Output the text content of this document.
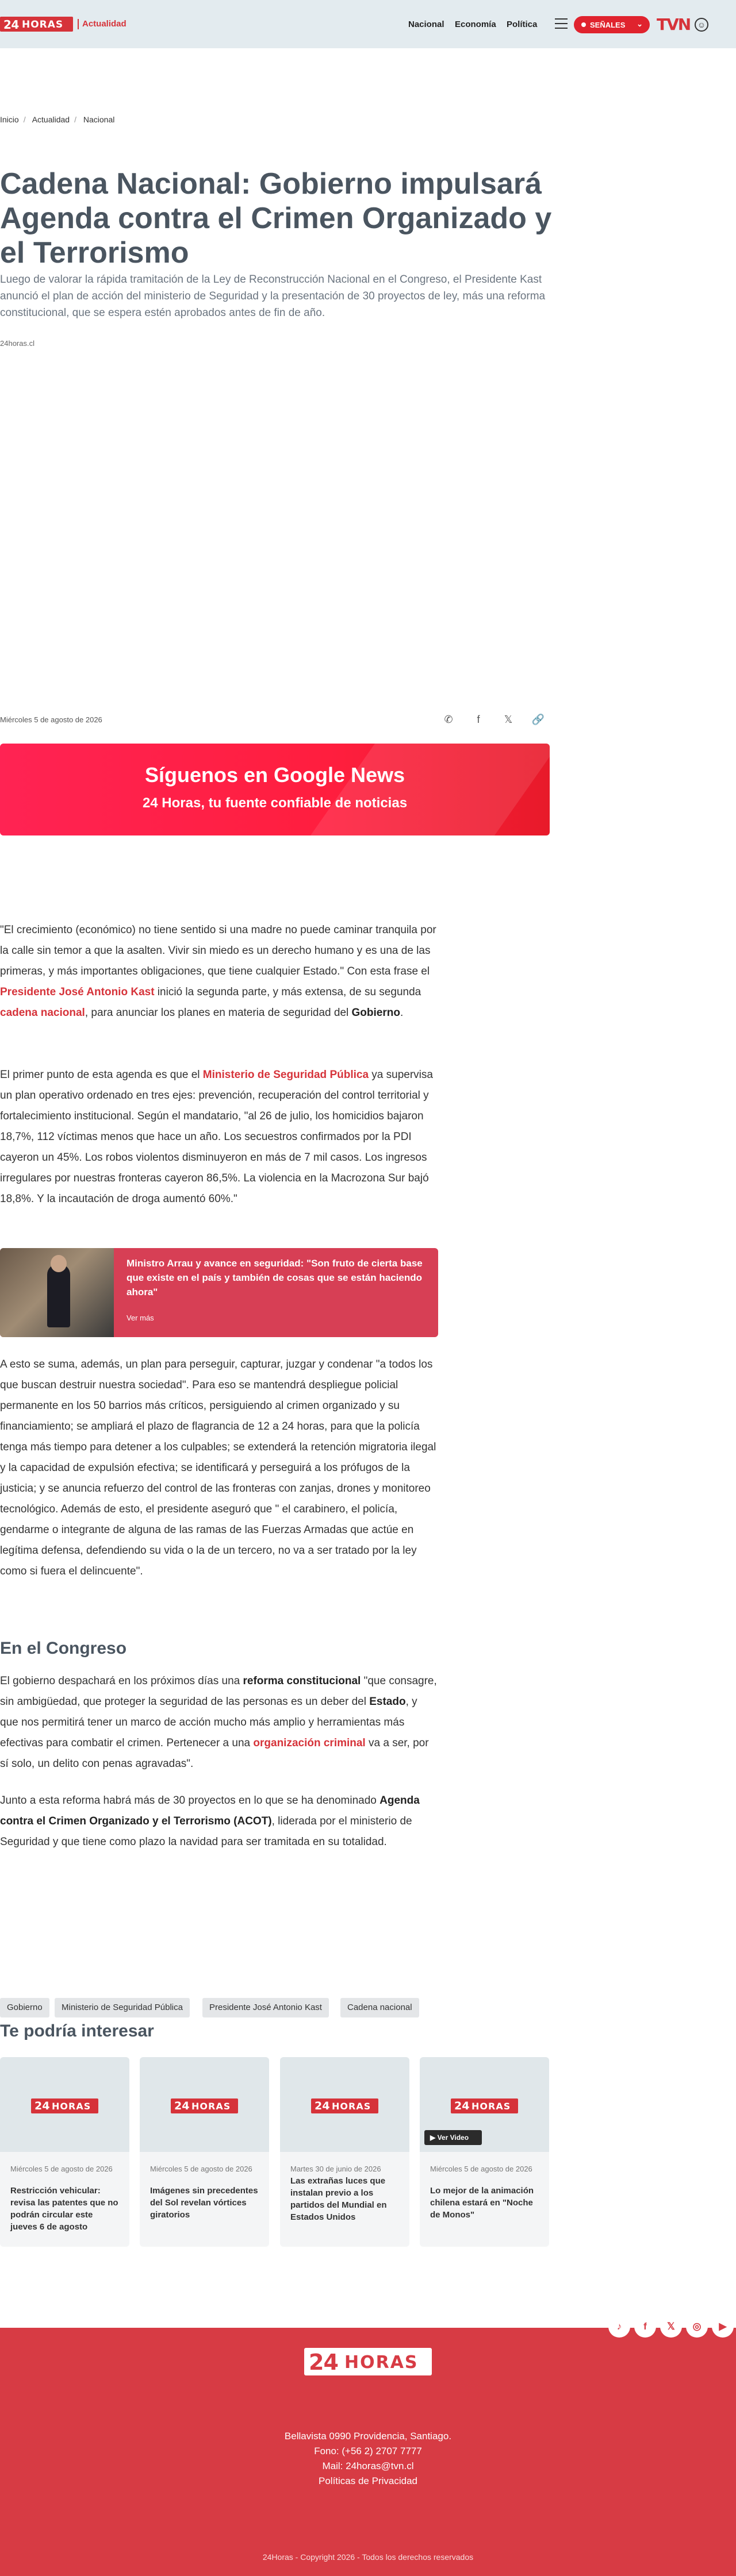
24 HORAS	Actualidad	Nacional Economía Política	SEÑALES ⌄ TVN ☺
Inicio / Actualidad / Nacional
Cadena Nacional: Gobierno impulsará Agenda contra el Crimen Organizado y el Terrorismo

Luego de valorar la rápida tramitación de la Ley de Reconstrucción Nacional en el Congreso, el Presidente Kast anunció el plan de acción del ministerio de Seguridad y la presentación de 30 proyectos de ley, más una reforma constitucional, que se espera estén aprobados antes de fin de año.

24horas.cl
Miércoles 5 de agosto de 2026	✆	f	𝕏	🔗
Síguenos en Google News
24 Horas, tu fuente confiable de noticias

"El crecimiento (económico) no tiene sentido si una madre no puede caminar tranquila por la calle sin temor a que la asalten. Vivir sin miedo es un derecho humano y es una de las primeras, y más importantes obligaciones, que tiene cualquier Estado." Con esta frase el Presidente José Antonio Kast inició la segunda parte, y más extensa, de su segunda cadena nacional, para anunciar los planes en materia de seguridad del Gobierno.

El primer punto de esta agenda es que el Ministerio de Seguridad Pública ya supervisa un plan operativo ordenado en tres ejes: prevención, recuperación del control territorial y fortalecimiento institucional. Según el mandatario, "al 26 de julio, los homicidios bajaron 18,7%, 112 víctimas menos que hace un año. Los secuestros confirmados por la PDI cayeron un 45%. Los robos violentos disminuyeron en más de 7 mil casos. Los ingresos irregulares por nuestras fronteras cayeron 86,5%. La violencia en la Macrozona Sur bajó 18,8%. Y la incautación de droga aumentó 60%."

Ministro Arrau y avance en seguridad: "Son fruto de cierta base que existe en el país y también de cosas que se están haciendo ahora"
Ver más

A esto se suma, además, un plan para perseguir, capturar, juzgar y condenar "a todos los que buscan destruir nuestra sociedad". Para eso se mantendrá despliegue policial permanente en los 50 barrios más críticos, persiguiendo al crimen organizado y su financiamiento; se ampliará el plazo de flagrancia de 12 a 24 horas, para que la policía tenga más tiempo para detener a los culpables; se extenderá la retención migratoria ilegal y la capacidad de expulsión efectiva; se identificará y perseguirá a los prófugos de la justicia; y se anuncia refuerzo del control de las fronteras con zanjas, drones y monitoreo tecnológico. Además de esto, el presidente aseguró que " el carabinero, el policía, gendarme o integrante de alguna de las ramas de las Fuerzas Armadas que actúe en legítima defensa, defendiendo su vida o la de un tercero, no va a ser tratado por la ley como si fuera el delincuente".

En el Congreso

El gobierno despachará en los próximos días una reforma constitucional "que consagre, sin ambigüedad, que proteger la seguridad de las personas es un deber del Estado, y que nos permitirá tener un marco de acción mucho más amplio y herramientas más efectivas para combatir el crimen. Pertenecer a una organización criminal va a ser, por sí solo, un delito con penas agravadas".

Junto a esta reforma habrá más de 30 proyectos en lo que se ha denominado Agenda contra el Crimen Organizado y el Terrorismo (ACOT), liderada por el ministerio de Seguridad y que tiene como plazo la navidad para ser tramitada en su totalidad.

Gobierno	Ministerio de Seguridad Pública	Presidente José Antonio Kast	Cadena nacional
Te podría interesar
24 HORAS
Miércoles 5 de agosto de 2026
Restricción vehicular: revisa las patentes que no podrán circular este jueves 6 de agosto
24 HORAS
Miércoles 5 de agosto de 2026
Imágenes sin precedentes del Sol revelan vórtices giratorios
24 HORAS
Martes 30 de junio de 2026
Las extrañas luces que instalan previo a los partidos del Mundial en Estados Unidos
24 HORAS
▶ Ver Video
Miércoles 5 de agosto de 2026
Lo mejor de la animación chilena estará en "Noche de Monos"
♪	f	𝕏	◎	▶
24 HORAS
Bellavista 0990 Providencia, Santiago.
Fono: (+56 2) 2707 7777
Mail: 24horas@tvn.cl
Políticas de Privacidad
24Horas - Copyright 2026 - Todos los derechos reservados
